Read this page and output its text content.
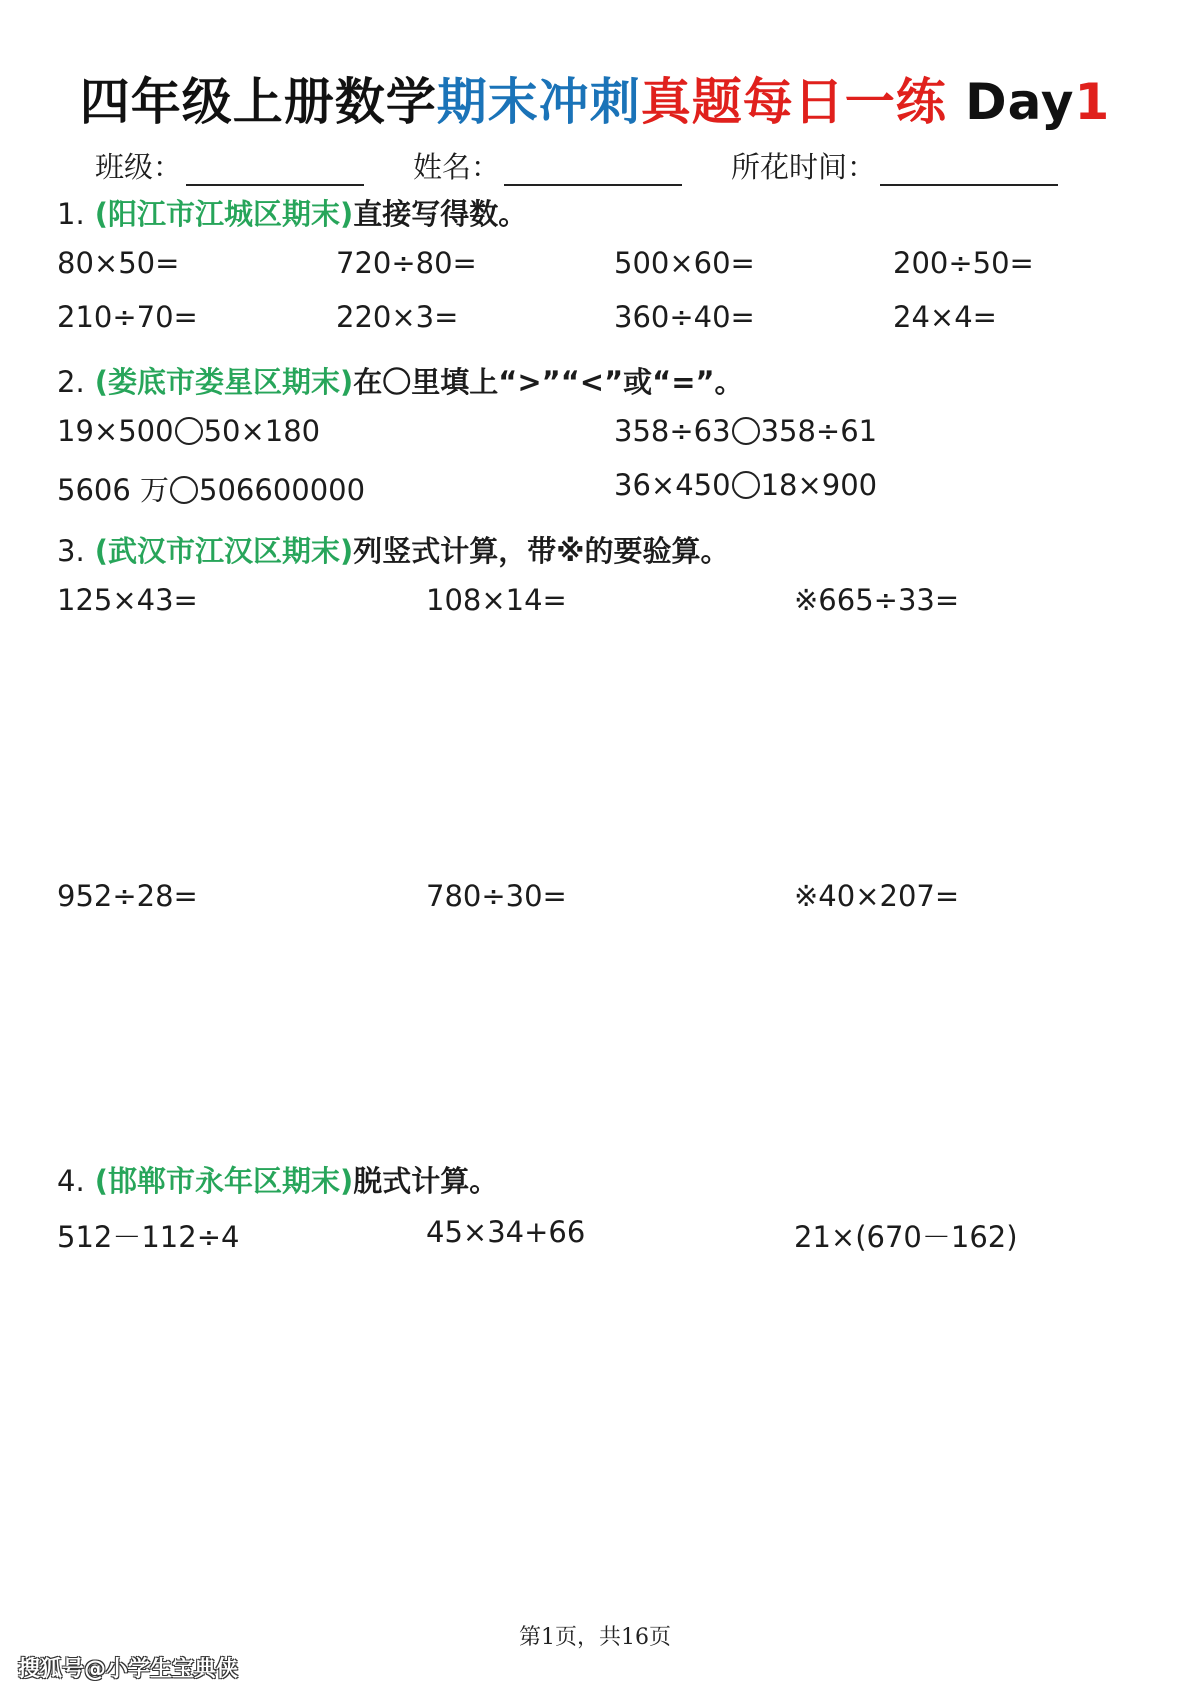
四年级上册数学期末冲刺真题每日一练 Day1
班级：	姓名：	所花时间：
1. (阳江市江城区期末)直接写得数。
80×50=	720÷80=	500×60=	200÷50=
210÷70=	220×3=	360÷40=	24×4=
2. (娄底市娄星区期末)在〇里填上“>”“<”或“=”。
19×500 50×180	358÷63 358÷61
5606 万 506600000	36×450 18×900
3. (武汉市江汉区期末)列竖式计算，带※的要验算。
125×43=	108×14=	※665÷33=
952÷28=	780÷30=	※40×207=
4. (邯郸市永年区期末)脱式计算。
512－112÷4	45×34+66	21×(670－162)
第1页，共16页
搜狐号@小学生宝典侠
